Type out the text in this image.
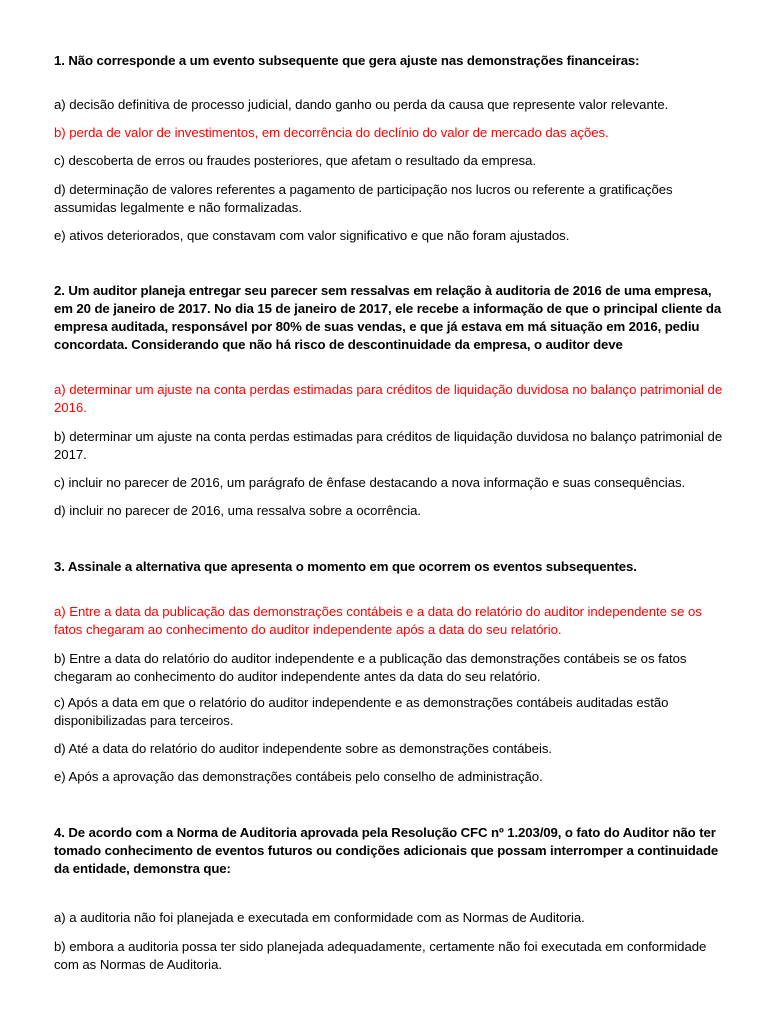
1. Não corresponde a um evento subsequente que gera ajuste nas demonstrações financeiras:

a) decisão definitiva de processo judicial, dando ganho ou perda da causa que represente valor relevante.

b) perda de valor de investimentos, em decorrência do declínio do valor de mercado das ações.

c) descoberta de erros ou fraudes posteriores, que afetam o resultado da empresa.

d) determinação de valores referentes a pagamento de participação nos lucros ou referente a gratificações

assumidas legalmente e não formalizadas.

e) ativos deteriorados, que constavam com valor significativo e que não foram ajustados.

2. Um auditor planeja entregar seu parecer sem ressalvas em relação à auditoria de 2016 de uma empresa,

em 20 de janeiro de 2017. No dia 15 de janeiro de 2017, ele recebe a informação de que o principal cliente da

empresa auditada, responsável por 80% de suas vendas, e que já estava em má situação em 2016, pediu

concordata. Considerando que não há risco de descontinuidade da empresa, o auditor deve

a) determinar um ajuste na conta perdas estimadas para créditos de liquidação duvidosa no balanço patrimonial de

2016.

b) determinar um ajuste na conta perdas estimadas para créditos de liquidação duvidosa no balanço patrimonial de

2017.

c) incluir no parecer de 2016, um parágrafo de ênfase destacando a nova informação e suas consequências.

d) incluir no parecer de 2016, uma ressalva sobre a ocorrência.

3. Assinale a alternativa que apresenta o momento em que ocorrem os eventos subsequentes.

a) Entre a data da publicação das demonstrações contábeis e a data do relatório do auditor independente se os

fatos chegaram ao conhecimento do auditor independente após a data do seu relatório.

b) Entre a data do relatório do auditor independente e a publicação das demonstrações contábeis se os fatos

chegaram ao conhecimento do auditor independente antes da data do seu relatório.

c) Após a data em que o relatório do auditor independente e as demonstrações contábeis auditadas estão

disponibilizadas para terceiros.

d) Até a data do relatório do auditor independente sobre as demonstrações contábeis.

e) Após a aprovação das demonstrações contábeis pelo conselho de administração.

4. De acordo com a Norma de Auditoria aprovada pela Resolução CFC nº 1.203/09, o fato do Auditor não ter

tomado conhecimento de eventos futuros ou condições adicionais que possam interromper a continuidade

da entidade, demonstra que:

a) a auditoria não foi planejada e executada em conformidade com as Normas de Auditoria.

b) embora a auditoria possa ter sido planejada adequadamente, certamente não foi executada em conformidade

com as Normas de Auditoria.
